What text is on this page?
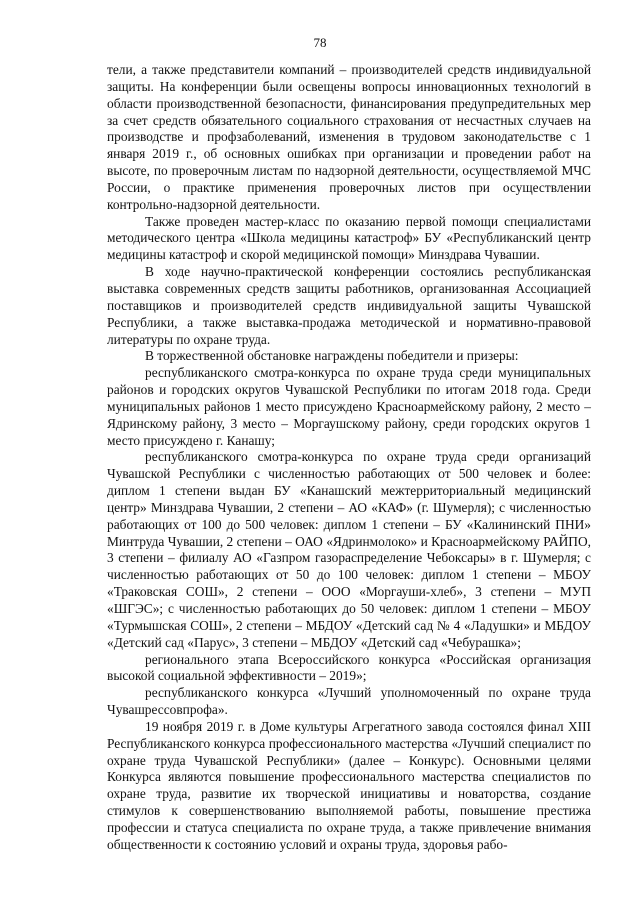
78

тели, а также представители компаний – производителей средств индивидуальной защиты. На конференции были освещены вопросы инновационных технологий в области производственной безопасности, финансирования предупредительных мер за счет средств обязательного социального страхования от несчастных случаев на производстве и профзаболеваний, изменения в трудовом законодательстве с 1 января 2019 г., об основных ошибках при организации и проведении работ на высоте, по проверочным листам по надзорной деятельности, осуществляемой МЧС России, о практике применения проверочных листов при осуществлении контрольно-надзорной деятельности.

Также проведен мастер-класс по оказанию первой помощи специалистами методического центра «Школа медицины катастроф» БУ «Республиканский центр медицины катастроф и скорой медицинской помощи» Минздрава Чувашии.

В ходе научно-практической конференции состоялись республиканская выставка современных средств защиты работников, организованная Ассоциацией поставщиков и производителей средств индивидуальной защиты Чувашской Республики, а также выставка-продажа методической и нормативно-правовой литературы по охране труда.

В торжественной обстановке награждены победители и призеры:

республиканского смотра-конкурса по охране труда среди муниципальных районов и городских округов Чувашской Республики по итогам 2018 года. Среди муниципальных районов 1 место присуждено Красноармейскому району, 2 место – Ядринскому району, 3 место – Моргаушскому району, среди городских округов 1 место присуждено г. Канашу;

республиканского смотра-конкурса по охране труда среди организаций Чувашской Республики с численностью работающих от 500 человек и более: диплом 1 степени выдан БУ «Канашский межтерриториальный медицинский центр» Минздрава Чувашии, 2 степени – АО «КАФ» (г. Шумерля); с численностью работающих от 100 до 500 человек: диплом 1 степени – БУ «Калининский ПНИ» Минтруда Чувашии, 2 степени – ОАО «Ядринмолоко» и Красноармейскому РАЙПО, 3 степени – филиалу АО «Газпром газораспределение Чебоксары» в г. Шумерля; с численностью работающих от 50 до 100 человек: диплом 1 степени – МБОУ «Траковская СОШ», 2 степени – ООО «Моргауши-хлеб», 3 степени – МУП «ШГЭС»; с численностью работающих до 50 человек: диплом 1 степени – МБОУ «Турмышская СОШ», 2 степени – МБДОУ «Детский сад № 4 «Ладушки» и МБДОУ «Детский сад «Парус», 3 степени – МБДОУ «Детский сад «Чебурашка»;

регионального этапа Всероссийского конкурса «Российская организация высокой социальной эффективности – 2019»;

республиканского конкурса «Лучший уполномоченный по охране труда Чувашрессовпрофа».

19 ноября 2019 г. в Доме культуры Агрегатного завода состоялся финал XIII Республиканского конкурса профессионального мастерства «Лучший специалист по охране труда Чувашской Республики» (далее – Конкурс). Основными целями Конкурса являются повышение профессионального мастерства специалистов по охране труда, развитие их творческой инициативы и новаторства, создание стимулов к совершенствованию выполняемой работы, повышение престижа профессии и статуса специалиста по охране труда, а также привлечение внимания общественности к состоянию условий и охраны труда, здоровья рабо-
